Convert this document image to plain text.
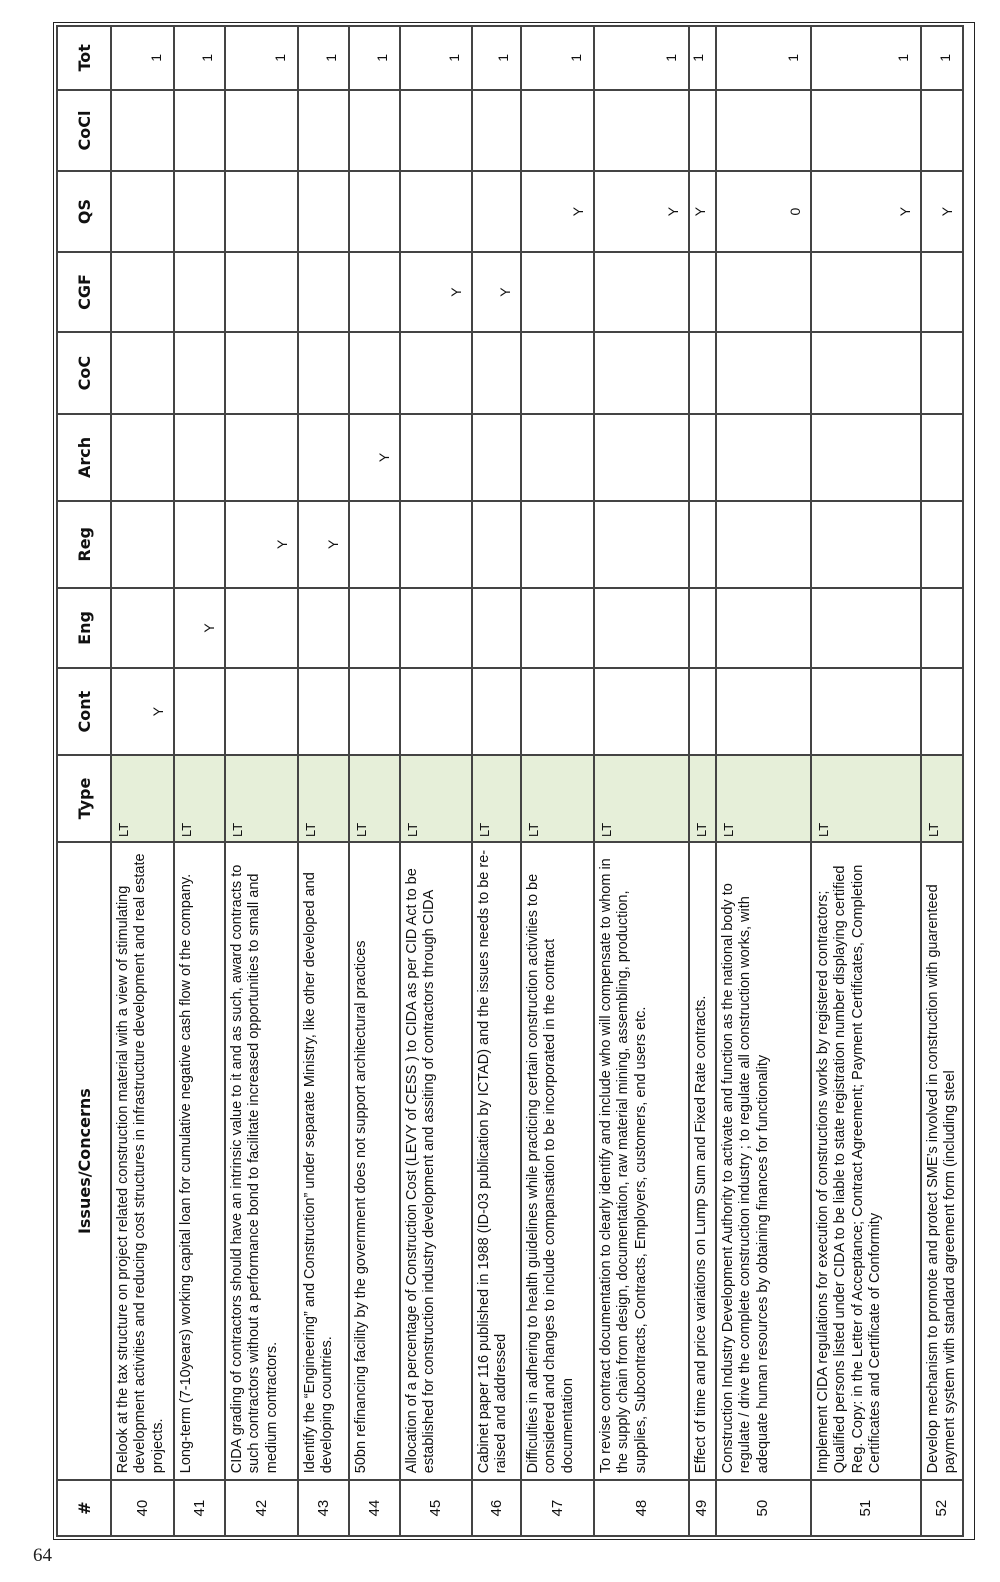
#	Issues/Concerns	Type	Cont	Eng	Reg	Arch	CoC	CGF	QS	CoCl	Tot
40	Relook at the tax structure on project related construction material with a view of stimulating development activities and reducing cost structures in infrastructure development and real estate projects.	LT	Y								1
41	Long-term (7-10years) working capital loan for cumulative negative cash flow of the company.	LT		Y							1
42	CIDA grading of contractors should have an intrinsic value to it and as such, award contracts to such contractors without a performance bond to facilitate increased opportunities to small and medium contractors.	LT			Y						1
43	Identify the “Engineering” and Construction” under separate Ministry, like other developed and developing countries.	LT			Y						1
44	50bn refinancing facility by the government does not support architectural practices	LT				Y					1
45	Allocation of a percentage of Construction Cost (LEVY of CESS ) to CIDA as per CID Act to be established for construction industry development and assiting of contractors through CIDA	LT						Y			1
46	Cabinet paper 116 published in 1988 (ID-03 publication by ICTAD) and the issues needs to be re-raised and addressed	LT						Y			1
47	Difficulties in adhering to health guidelines while practicing certain construction activities to be considered and changes to include compansation to be incorporated in the contract documentation	LT							Y		1
48	To revise contract documentation to clearly identify and include who will compensate to whom in the supply chain from design, documentation, raw material mining, assembling, production, supplies, Subcontracts, Contracts, Employers, customers, end users etc.	LT							Y		1
49	Effect of time and price variations on Lump Sum and Fixed Rate contracts.	LT							Y		1
50	Construction Industry Development Authority to activate and function as the national body to regulate / drive the complete construction industry ; to regulate all construction works, with adequate human resources by obtaining finances for functionality	LT							0		1
51	Implement CIDA regulations for execution of constructions works by registered contractors; Qualified persons listed under CIDA to be liable to state registration number displaying certified Reg. Copy: in the Letter of Acceptance; Contract Agreement; Payment Certificates, Completion Certificates and Certificate of Conformity	LT							Y		1
52	Develop mechanism to promote and protect SME’s involved in construction with guarenteed payment system with standard agreement form (including steel	LT							Y		1
64
